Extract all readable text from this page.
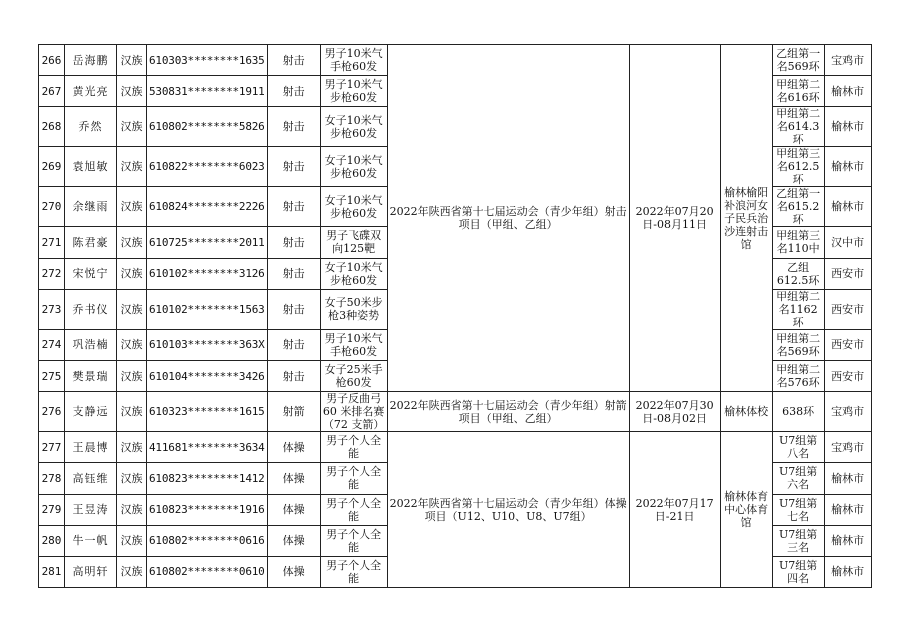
266	岳海鹏	汉族	610303********1635	射击	男子10米气手枪60发	2022年陕西省第十七届运动会（青少年组）射击项目（甲组、乙组）	2022年07月20日-08月11日	榆林榆阳补浪河女子民兵治沙连射击馆	乙组第一名569环	宝鸡市
267	黄光亮	汉族	530831********1911	射击	男子10米气步枪60发				甲组第二名616环	榆林市
268	乔然	汉族	610802********5826	射击	女子10米气步枪60发				甲组第二名614.3环	榆林市
269	袁旭敏	汉族	610822********6023	射击	女子10米气步枪60发				甲组第三名612.5环	榆林市
270	余继雨	汉族	610824********2226	射击	女子10米气步枪60发				乙组第一名615.2环	榆林市
271	陈君豪	汉族	610725********2011	射击	男子飞碟双向125靶				甲组第三名110中	汉中市
272	宋悦宁	汉族	610102********3126	射击	女子10米气步枪60发				乙组612.5环	西安市
273	乔书仪	汉族	610102********1563	射击	女子50米步枪3种姿势				甲组第二名1162环	西安市
274	巩浩楠	汉族	610103********363X	射击	男子10米气手枪60发				甲组第二名569环	西安市
275	樊景瑞	汉族	610104********3426	射击	女子25米手枪60发				甲组第二名576环	西安市
276	支静远	汉族	610323********1615	射箭	男子反曲弓60 米排名赛（72 支箭）	2022年陕西省第十七届运动会（青少年组）射箭项目（甲组、乙组）	2022年07月30日-08月02日	榆林体校	638环	宝鸡市
277	王晨博	汉族	411681********3634	体操	男子个人全能	2022年陕西省第十七届运动会（青少年组）体操项目（U12、U10、U8、U7组）	2022年07月17日-21日	榆林体育中心体育馆	U7组第八名	宝鸡市
278	高钰维	汉族	610823********1412	体操	男子个人全能				U7组第六名	榆林市
279	王昱涛	汉族	610823********1916	体操	男子个人全能				U7组第七名	榆林市
280	牛一帆	汉族	610802********0616	体操	男子个人全能				U7组第三名	榆林市
281	高明轩	汉族	610802********0610	体操	男子个人全能				U7组第四名	榆林市
